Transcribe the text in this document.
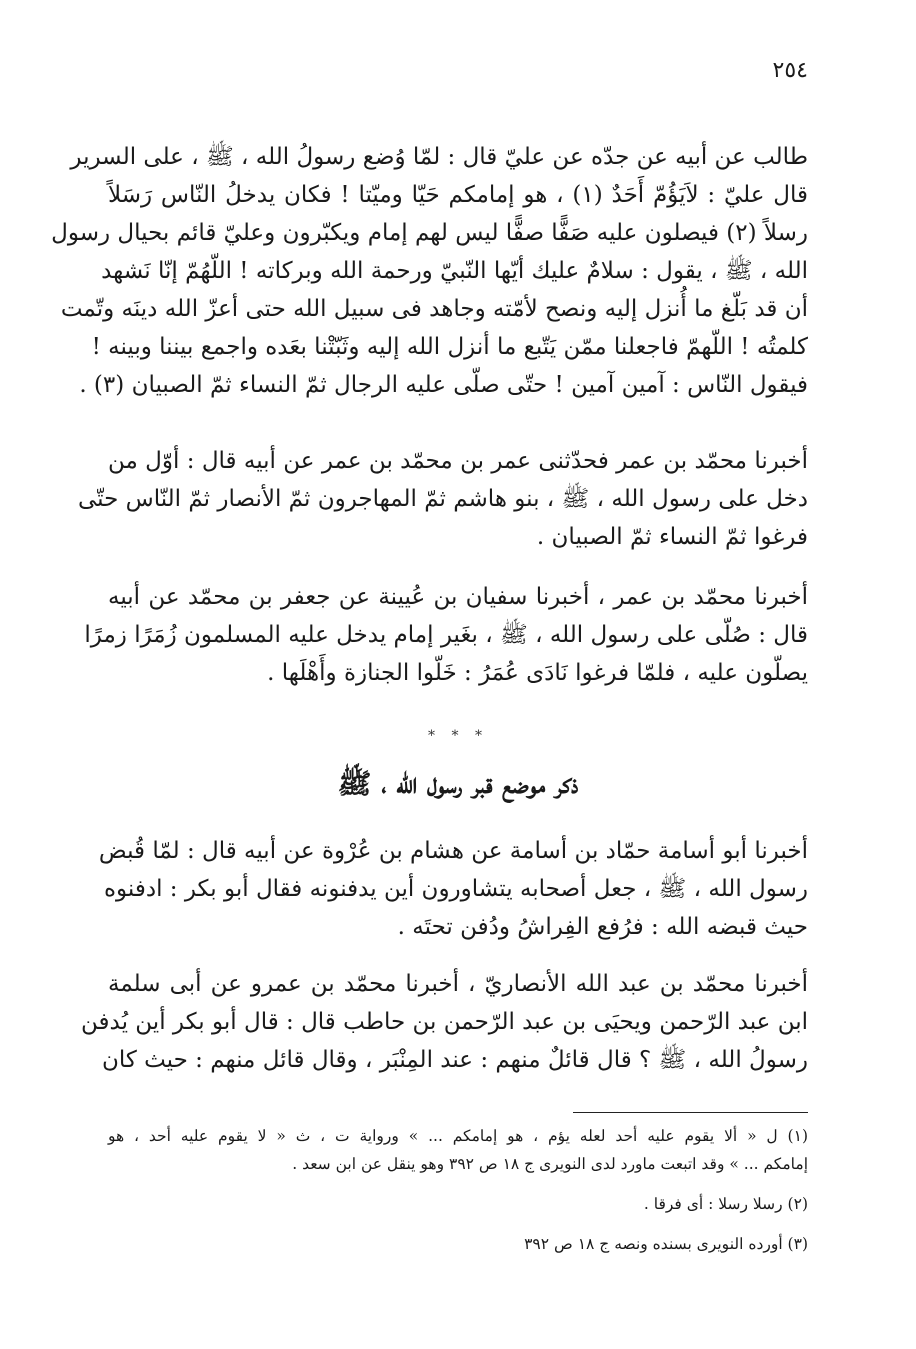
٢٥٤
طالب عن أبيه عن جدّه عن عليّ قال : لمّا وُضع رسولُ الله ، ﷺ ، على السرير
قال عليّ : لاَيَؤُمّ أَحَدٌ (١) ، هو إمامكم حَيّا وميّتا ! فكان يدخلُ النّاس رَسَلاً
رسلاً (٢) فيصلون عليه صَفًّا صفًّا ليس لهم إمام ويكبّرون وعليّ قائم بحيال رسول
الله ، ﷺ ، يقول : سلامٌ عليك أيّها النّبيّ ورحمة الله وبركاته ! اللّهُمّ إنّا نَشهد
أن قد بَلّغ ما أُنزل إليه ونصح لأمّته وجاهد فى سبيل الله حتى أعزّ الله دينَه وتّمت
كلمتُه ! اللّهمّ فاجعلنا ممّن يَتّبع ما أنزل الله إليه وثَبّتْنا بعَده واجمع بيننا وبينه !
فيقول النّاس : آمين آمين ! حتّى صلّى عليه الرجال ثمّ النساء ثمّ الصبيان (٣) .
أخبرنا محمّد بن عمر فحدّثنى عمر بن محمّد بن عمر عن أبيه قال : أوّل من
دخل على رسول الله ، ﷺ ، بنو هاشم ثمّ المهاجرون ثمّ الأنصار ثمّ النّاس حتّى
فرغوا ثمّ النساء ثمّ الصبيان .
أخبرنا محمّد بن عمر ، أخبرنا سفيان بن عُيينة عن جعفر بن محمّد عن أبيه
قال : صُلّى على رسول الله ، ﷺ ، بغَير إمام يدخل عليه المسلمون زُمَرًا زمرًا
يصلّون عليه ، فلمّا فرغوا نَادَى عُمَرُ : خَلّوا الجنازة وأَهْلَها .
* * *
ذكر موضع قبر رسول الله ، ﷺ
أخبرنا أبو أسامة حمّاد بن أسامة عن هشام بن عُرْوة عن أبيه قال : لمّا قُبض
رسول الله ، ﷺ ، جعل أصحابه يتشاورون أين يدفنونه فقال أبو بكر : ادفنوه
حيث قبضه الله : فرُفع الفِراشُ ودُفن تحتَه .
أخبرنا محمّد بن عبد الله الأنصاريّ ، أخبرنا محمّد بن عمرو عن أبى سلمة
ابن عبد الرّحمن ويحيَى بن عبد الرّحمن بن حاطب قال : قال أبو بكر أين يُدفن
رسولُ الله ، ﷺ ؟ قال قائلٌ منهم : عند المِنْبَر ، وقال قائل منهم : حيث كان
(١) ل « ألا يقوم عليه أحد لعله يؤم ، هو إمامكم ... » ورواية ت ، ث « لا يقوم عليه أحد ، هو
إمامكم ... » وقد اتبعت ماورد لدى النويرى ج ١٨ ص ٣٩٢ وهو ينقل عن ابن سعد .
(٢) رسلا رسلا : أى فرقا .
(٣) أورده النويرى بسنده ونصه ج ١٨ ص ٣٩٢
